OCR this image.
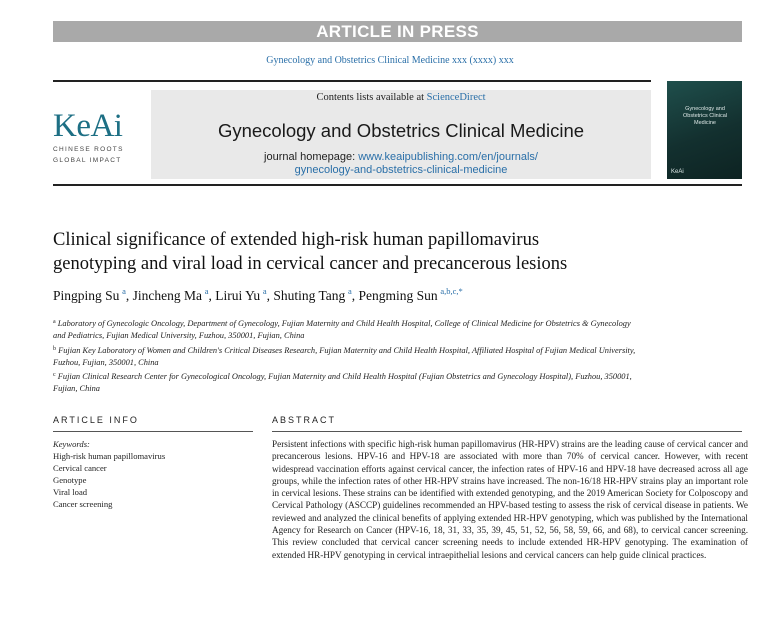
ARTICLE IN PRESS
Gynecology and Obstetrics Clinical Medicine xxx (xxxx) xxx
KeAi
CHINESE ROOTS
GLOBAL IMPACT
Contents lists available at ScienceDirect
Gynecology and Obstetrics Clinical Medicine
journal homepage: www.keaipublishing.com/en/journals/
gynecology-and-obstetrics-clinical-medicine
Gynecology and Obstetrics Clinical Medicine
KeAi
Clinical significance of extended high-risk human papillomavirus
genotyping and viral load in cervical cancer and precancerous lesions
Pingping Su  $^a$, Jincheng Ma  $^a$, Lirui Yu  $^a$, Shuting Tang  $^a$, Pengming Sun  $^{a,b,c,*}$
$^a$ Laboratory of Gynecologic Oncology, Department of Gynecology, Fujian Maternity and Child Health Hospital, College of Clinical Medicine for Obstetrics & Gynecology
and Pediatrics, Fujian Medical University, Fuzhou, 350001, Fujian, China
$^b$ Fujian Key Laboratory of Women and Children's Critical Diseases Research, Fujian Maternity and Child Health Hospital, Affiliated Hospital of Fujian Medical University,
Fuzhou, Fujian, 350001, China
$^c$ Fujian Clinical Research Center for Gynecological Oncology, Fujian Maternity and Child Health Hospital (Fujian Obstetrics and Gynecology Hospital), Fuzhou, 350001,
Fujian, China
ARTICLE INFO	ABSTRACT
Keywords:
High-risk human papillomavirus
Cervical cancer
Genotype
Viral load
Cancer screening
Persistent infections with specific high-risk human papillomavirus (HR-HPV) strains are the leading cause of cervical cancer and precancerous lesions. HPV-16 and HPV-18 are associated with more than 70% of cervical cancer. However, with recent widespread vaccination efforts against cervical cancer, the infection rates of HPV-16 and HPV-18 have decreased across all age groups, while the infection rates of other HR-HPV strains have increased. The non-16/18 HR-HPV strains play an important role in cervical lesions. These strains can be identified with extended genotyping, and the 2019 American Society for Colposcopy and Cervical Pathology (ASCCP) guidelines recommended an HPV-based testing to assess the risk of cervical disease in patients. We reviewed and analyzed the clinical benefits of applying extended HR-HPV genotyping, which was published by the International Agency for Research on Cancer (HPV-16, 18, 31, 33, 35, 39, 45, 51, 52, 56, 58, 59, 66, and 68), to cervical cancer screening. This review concluded that cervical cancer screening needs to include extended HR-HPV genotyping. The examination of extended HR-HPV genotyping in cervical intraepithelial lesions and cervical cancers can help guide clinical practices.
